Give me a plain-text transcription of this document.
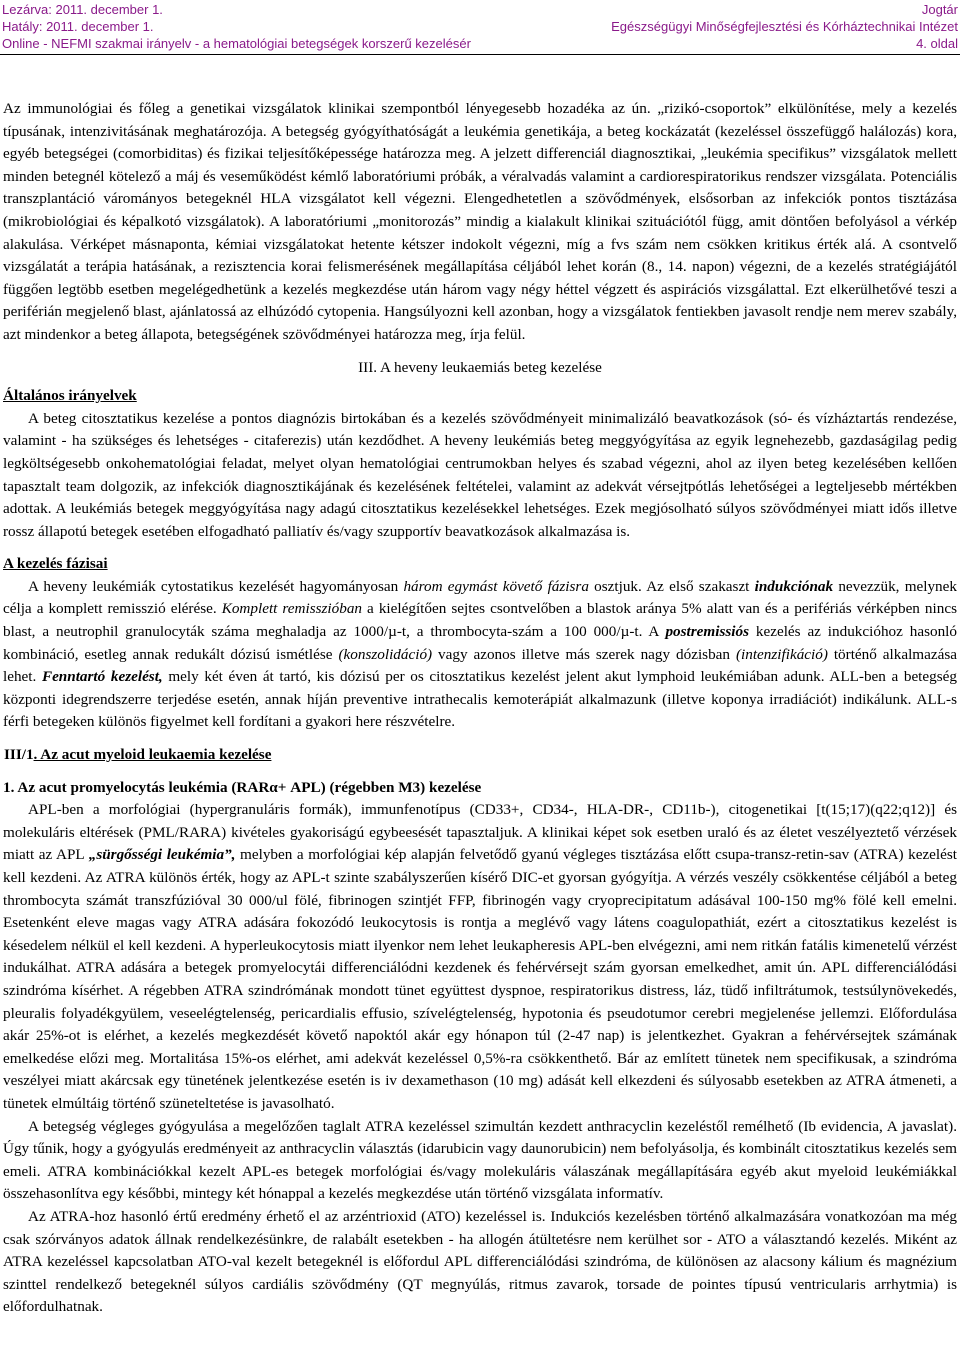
Lezárva: 2011. december 1.
Hatály: 2011. december 1.
Online - NEFMI szakmai irányelv - a hematológiai betegségek korszerű kezelésér
Jogtár
Egészségügyi Minőségfejlesztési és Kórháztechnikai Intézet
4. oldal

Az immunológiai és főleg a genetikai vizsgálatok klinikai szempontból lényegesebb hozadéka az ún. „rizikó-csoportok” elkülönítése, mely a kezelés típusának, intenzivitásának meghatározója. A betegség gyógyíthatóságát a leukémia genetikája, a beteg kockázatát (kezeléssel összefüggő halálozás) kora, egyéb betegségei (comorbiditas) és fizikai teljesítőképessége határozza meg. A jelzett differenciál diagnosztikai, „leukémia specifikus” vizsgálatok mellett minden betegnél kötelező a máj és veseműködést kémlő laboratóriumi próbák, a véralvadás valamint a cardiorespiratorikus rendszer vizsgálata. Potenciális transzplantáció várományos betegeknél HLA vizsgálatot kell végezni. Elengedhetetlen a szövődmények, elsősorban az infekciók pontos tisztázása (mikrobiológiai és képalkotó vizsgálatok). A laboratóriumi „monitorozás” mindig a kialakult klinikai szituációtól függ, amit döntően befolyásol a vérkép alakulása. Vérképet másnaponta, kémiai vizsgálatokat hetente kétszer indokolt végezni, míg a fvs szám nem csökken kritikus érték alá. A csontvelő vizsgálatát a terápia hatásának, a rezisztencia korai felismerésének megállapítása céljából lehet korán (8., 14. napon) végezni, de a kezelés stratégiájától függően legtöbb esetben megelégedhetünk a kezelés megkezdése után három vagy négy héttel végzett és aspirációs vizsgálattal. Ezt elkerülhetővé teszi a periférián megjelenő blast, ajánlatossá az elhúzódó cytopenia. Hangsúlyozni kell azonban, hogy a vizsgálatok fentiekben javasolt rendje nem merev szabály, azt mindenkor a beteg állapota, betegségének szövődményei határozza meg, írja felül.

III. A heveny leukaemiás beteg kezelése

Általános irányelvek

A beteg citosztatikus kezelése a pontos diagnózis birtokában és a kezelés szövődményeit minimalizáló beavatkozások (só- és vízháztartás rendezése, valamint - ha szükséges és lehetséges - citaferezis) után kezdődhet. A heveny leukémiás beteg meggyógyítása az egyik legnehezebb, gazdaságilag pedig legköltségesebb onkohematológiai feladat, melyet olyan hematológiai centrumokban helyes és szabad végezni, ahol az ilyen beteg kezelésében kellően tapasztalt team dolgozik, az infekciók diagnosztikájának és kezelésének feltételei, valamint az adekvát vérsejtpótlás lehetőségei a legteljesebb mértékben adottak. A leukémiás betegek meggyógyítása nagy adagú citosztatikus kezelésekkel lehetséges. Ezek megjósolható súlyos szövődményei miatt idős illetve rossz állapotú betegek esetében elfogadható palliatív és/vagy szupportív beavatkozások alkalmazása is.

A kezelés fázisai

A heveny leukémiák cytostatikus kezelését hagyományosan három egymást követő fázisra osztjuk. Az első szakaszt indukciónak nevezzük, melynek célja a komplett remisszió elérése. Komplett remisszióban a kielégítően sejtes csontvelőben a blastok aránya 5% alatt van és a perifériás vérképben nincs blast, a neutrophil granulocyták száma meghaladja az 1000/µ-t, a thrombocyta-szám a 100 000/µ-t. A postremissiós kezelés az indukcióhoz hasonló kombináció, esetleg annak redukált dózisú ismétlése (konszolidáció) vagy azonos illetve más szerek nagy dózisban (intenzifikáció) történő alkalmazása lehet. Fenntartó kezelést, mely két éven át tartó, kis dózisú per os citosztatikus kezelést jelent akut lymphoid leukémiában adunk. ALL-ben a betegség központi idegrendszerre terjedése esetén, annak híján preventive intrathecalis kemoterápiát alkalmazunk (illetve koponya irradiációt) indikálunk. ALL-s férfi betegeken különös figyelmet kell fordítani a gyakori here részvételre.

III/1. Az acut myeloid leukaemia kezelése

1. Az acut promyelocytás leukémia (RARα+ APL) (régebben M3) kezelése

APL-ben a morfológiai (hypergranuláris formák), immunfenotípus (CD33+, CD34-, HLA-DR-, CD11b-), citogenetikai [t(15;17)(q22;q12)] és molekuláris eltérések (PML/RARA) kivételes gyakoriságú egybeesését tapasztaljuk. A klinikai képet sok esetben uraló és az életet veszélyeztető vérzések miatt az APL „sürgősségi leukémia”, melyben a morfológiai kép alapján felvetődő gyanú végleges tisztázása előtt csupa-transz-retin-sav (ATRA) kezelést kell kezdeni. Az ATRA különös érték, hogy az APL-t szinte szabályszerűen kísérő DIC-et gyorsan gyógyítja. A vérzés veszély csökkentése céljából a beteg thrombocyta számát transzfúzióval 30 000/ul fölé, fibrinogen szintjét FFP, fibrinogén vagy cryoprecipitatum adásával 100-150 mg% fölé kell emelni. Esetenként eleve magas vagy ATRA adására fokozódó leukocytosis is rontja a meglévő vagy látens coagulopathiát, ezért a citosztatikus kezelést is késedelem nélkül el kell kezdeni. A hyperleukocytosis miatt ilyenkor nem lehet leukapheresis APL-ben elvégezni, ami nem ritkán fatális kimenetelű vérzést indukálhat. ATRA adására a betegek promyelocytái differenciálódni kezdenek és fehérvérsejt szám gyorsan emelkedhet, amit ún. APL differenciálódási szindróma kísérhet. A régebben ATRA szindrómának mondott tünet együttest dyspnoe, respiratorikus distress, láz, tüdő infiltrátumok, testsúlynövekedés, pleuralis folyadékgyülem, veseelégtelenség, pericardialis effusio, szívelégtelenség, hypotonia és pseudotumor cerebri megjelenése jellemzi. Előfordulása akár 25%-ot is elérhet, a kezelés megkezdését követő napoktól akár egy hónapon túl (2-47 nap) is jelentkezhet. Gyakran a fehérvérsejtek számának emelkedése előzi meg. Mortalitása 15%-os elérhet, ami adekvát kezeléssel 0,5%-ra csökkenthető. Bár az említett tünetek nem specifikusak, a szindróma veszélyei miatt akárcsak egy tünetének jelentkezése esetén is iv dexamethason (10 mg) adását kell elkezdeni és súlyosabb esetekben az ATRA átmeneti, a tünetek elmúltáig történő szüneteltetése is javasolható.

A betegség végleges gyógyulása a megelőzően taglalt ATRA kezeléssel szimultán kezdett anthracyclin kezeléstől remélhető (Ib evidencia, A javaslat). Úgy tűnik, hogy a gyógyulás eredményeit az anthracyclin választás (idarubicin vagy daunorubicin) nem befolyásolja, és kombinált citosztatikus kezelés sem emeli. ATRA kombinációkkal kezelt APL-es betegek morfológiai és/vagy molekuláris válaszának megállapítására egyéb akut myeloid leukémiákkal összehasonlítva egy későbbi, mintegy két hónappal a kezelés megkezdése után történő vizsgálata informatív.

Az ATRA-hoz hasonló értű eredmény érhető el az arzéntrioxid (ATO) kezeléssel is. Indukciós kezelésben történő alkalmazására vonatkozóan ma még csak szórványos adatok állnak rendelkezésünkre, de ralabált esetekben - ha allogén átültetésre nem kerülhet sor - ATO a választandó kezelés. Miként az ATRA kezeléssel kapcsolatban ATO-val kezelt betegeknél is előfordul APL differenciálódási szindróma, de különösen az alacsony kálium és magnézium szinttel rendelkező betegeknél súlyos cardiális szövődmény (QT megnyúlás, ritmus zavarok, torsade de pointes típusú ventricularis arrhytmia) is előfordulhatnak.
